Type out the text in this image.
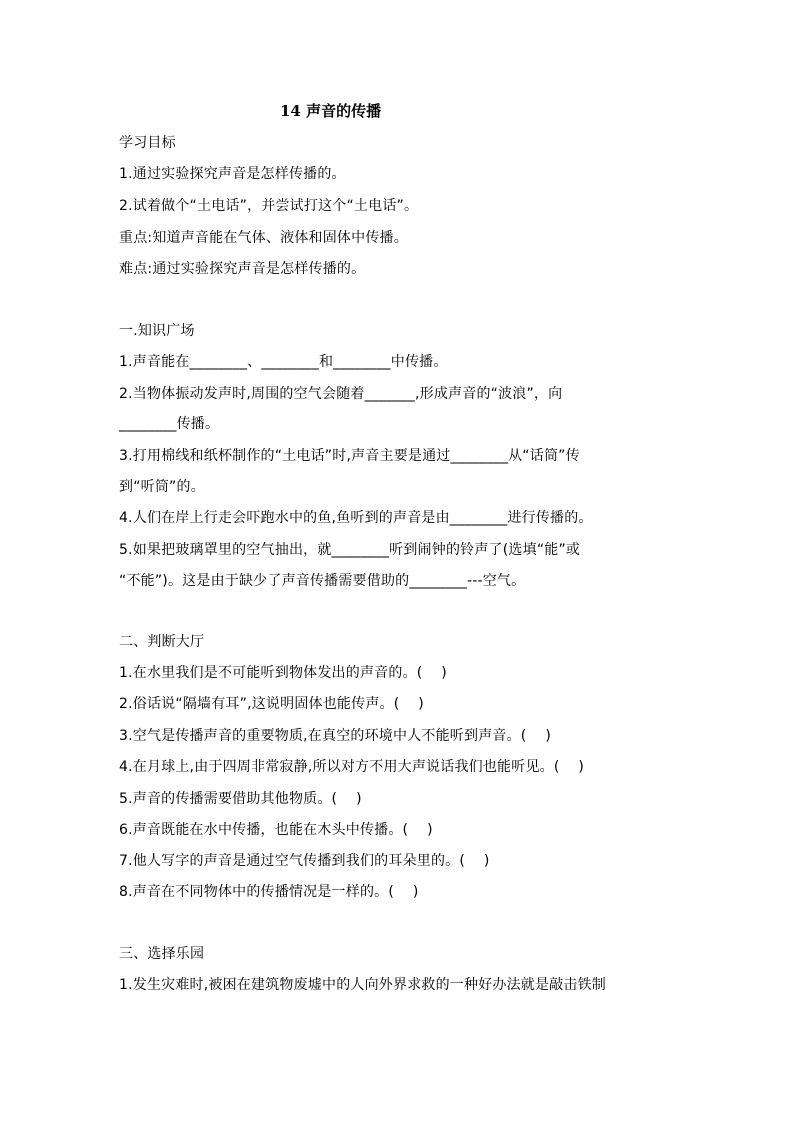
14 声音的传播
学习目标
1.通过实验探究声音是怎样传播的。
2.试着做个“土电话”，并尝试打这个“土电话”。
重点:知道声音能在气体、液体和固体中传播。
难点:通过实验探究声音是怎样传播的。
一.知识广场
1.声音能在________、________和________中传播。
2.当物体振动发声时,周围的空气会随着_______,形成声音的“波浪”，向
________传播。
3.打用棉线和纸杯制作的“土电话”时,声音主要是通过________从“话筒”传
到“听筒”的。
4.人们在岸上行走会吓跑水中的鱼,鱼听到的声音是由________进行传播的。
5.如果把玻璃罩里的空气抽出，就________听到闹钟的铃声了(选填“能”或
“不能”)。这是由于缺少了声音传播需要借助的________---空气。
二、判断大厅
1.在水里我们是不可能听到物体发出的声音的。(　 )
2.俗话说“隔墙有耳”,这说明固体也能传声。(　 )
3.空气是传播声音的重要物质,在真空的环境中人不能听到声音。(　 )
4.在月球上,由于四周非常寂静,所以对方不用大声说话我们也能听见。(　 )
5.声音的传播需要借助其他物质。(　 )
6.声音既能在水中传播，也能在木头中传播。(　 )
7.他人写字的声音是通过空气传播到我们的耳朵里的。(　 )
8.声音在不同物体中的传播情况是一样的。(　 )
三、选择乐园
1.发生灾难时,被困在建筑物废墟中的人向外界求救的一种好办法就是敲击铁制
